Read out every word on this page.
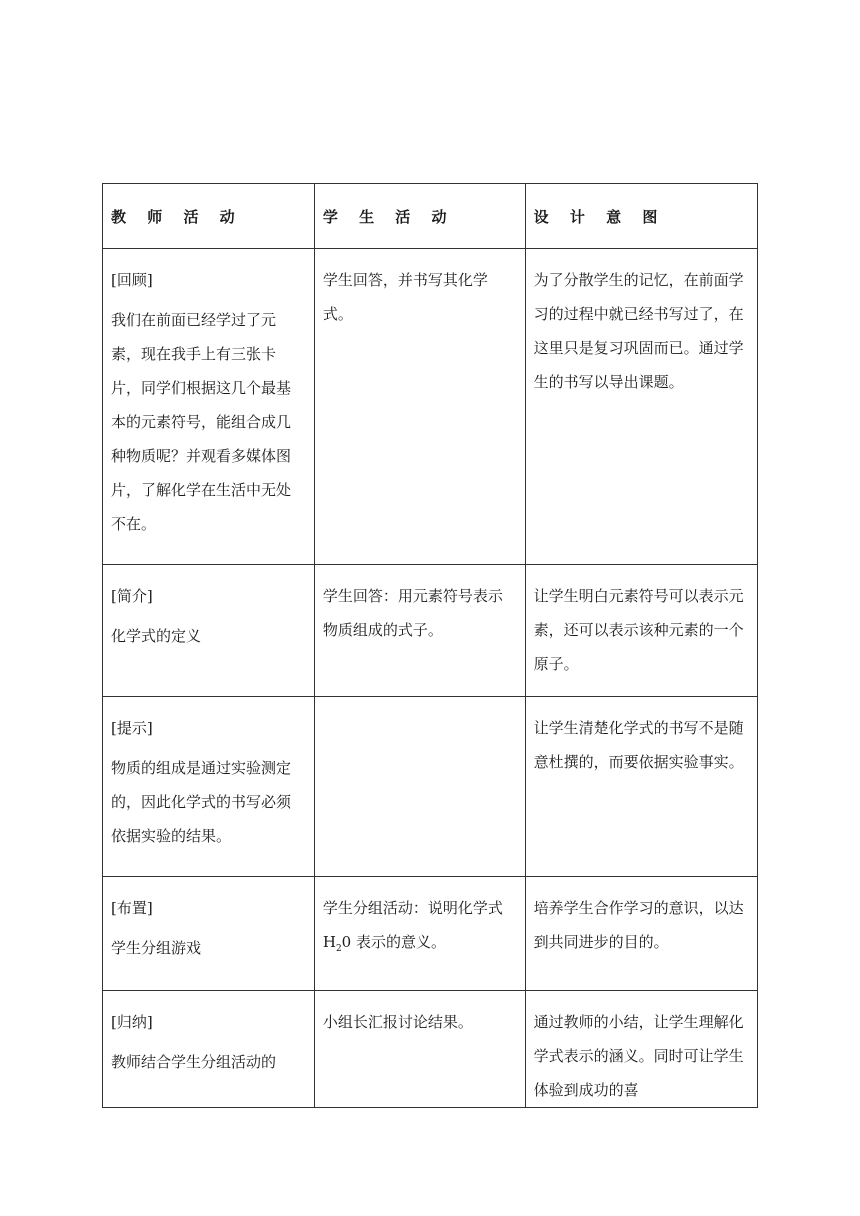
教 师 活 动	学 生 活 动	设 计 意 图

[回顾]
我们在前面已经学过了元素，现在我手上有三张卡片，同学们根据这几个最基本的元素符号，能组合成几种物质呢？并观看多媒体图片，了解化学在生活中无处不在。	学生回答，并书写其化学式。	为了分散学生的记忆，在前面学习的过程中就已经书写过了，在这里只是复习巩固而已。通过学生的书写以导出课题。

[简介]
化学式的定义	学生回答：用元素符号表示物质组成的式子。	让学生明白元素符号可以表示元素，还可以表示该种元素的一个原子。

[提示]
物质的组成是通过实验测定的，因此化学式的书写必须依据实验的结果。		让学生清楚化学式的书写不是随意杜撰的，而要依据实验事实。

[布置]
学生分组游戏	学生分组活动：说明化学式 $H_20$ 表示的意义。	培养学生合作学习的意识，以达到共同进步的目的。

[归纳]
教师结合学生分组活动的	小组长汇报讨论结果。	通过教师的小结，让学生理解化学式表示的涵义。同时可让学生体验到成功的喜
